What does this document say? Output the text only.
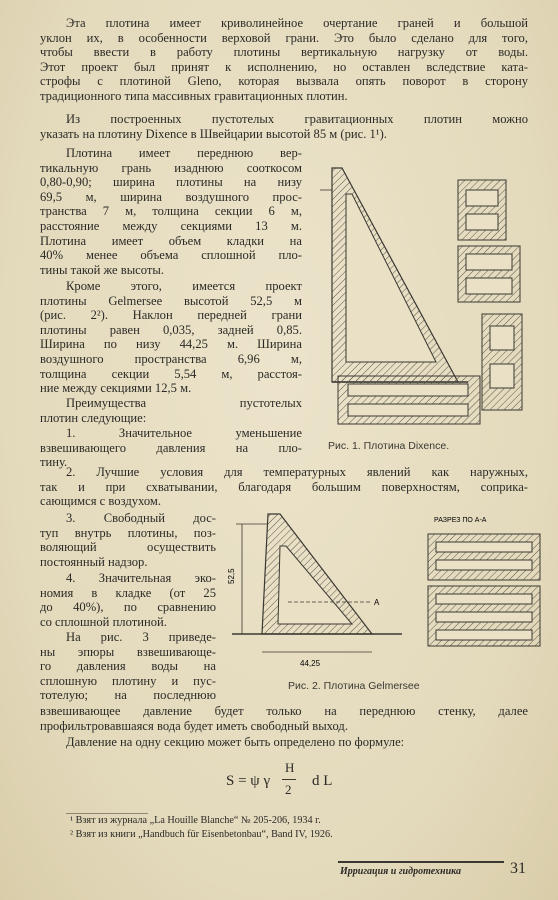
Эта плотина имеет криволинейное очертание граней и большой
уклон их, в особенности верховой грани. Это было сделано для того,
чтобы ввести в работу плотины вертикальную нагрузку от воды.
Этот проект был принят к исполнению, но оставлен вследствие ката-
строфы с плотиной Gleno, которая вызвала опять поворот в сторону
традиционного типа массивных гравитационных плотин.
Из построенных пустотелых гравитационных плотин можно
указать на плотину Dixence в Швейцарии высотой 85 м (рис. 1¹).
Плотина имеет переднюю вер-
тикальную грань изаднюю сооткосом
0,80-0,90; ширина плотины на низу
69,5 м, ширина воздушного прос-
транства 7 м, толщина секции 6 м,
расстояние между секциями 13 м.
Плотина имеет объем кладки на
40% менее объема сплошной пло-
тины такой же высоты.
Кроме этого, имеется проект
плотины Gelmersee высотой 52,5 м
(рис. 2²). Наклон передней грани
плотины равен 0,035, задней 0,85.
Ширина по низу 44,25 м. Ширина
воздушного пространства 6,96 м,
толщина секции 5,54 м, расстоя-
ние между секциями 12,5 м.
Преимущества пустотелых
плотин следующие:
1. Значительное уменьшение
взвешивающего давления на пло-
тину.
Рис. 1. Плотина Dixence.
2. Лучшие условия для температурных явлений как наружных,
так и при схватывании, благодаря большим поверхностям, соприка-
сающимся с воздухом.
3. Свободный дос-
туп внутрь плотины, поз-
воляющий осуществить
постоянный надзор.
4. Значительная эко-
номия в кладке (от 25
до 40%), по сравнению
со сплошной плотиной.
На рис. 3 приведе-
ны эпюры взвешивающе-
го давления воды на
сплошную плотину и пус-
тотелую; на последнюю
взвешивающее давление будет только на переднюю стенку, далее
профильтровавшаяся вода будет иметь свободный выход.
Рис. 2. Плотина Gelmersee
Давление на одну секцию может быть определено по формуле:
S = ψ γ
H
2
d L
¹ Взят из журнала „La Houille Blanche“ № 205-206, 1934 г.
² Взят из книги „Handbuch für Eisenbetonbau“, Band IV, 1926.
Ирригация и гидротехника	31
52,5
А
44,25
РАЗРЕЗ ПО А-А
